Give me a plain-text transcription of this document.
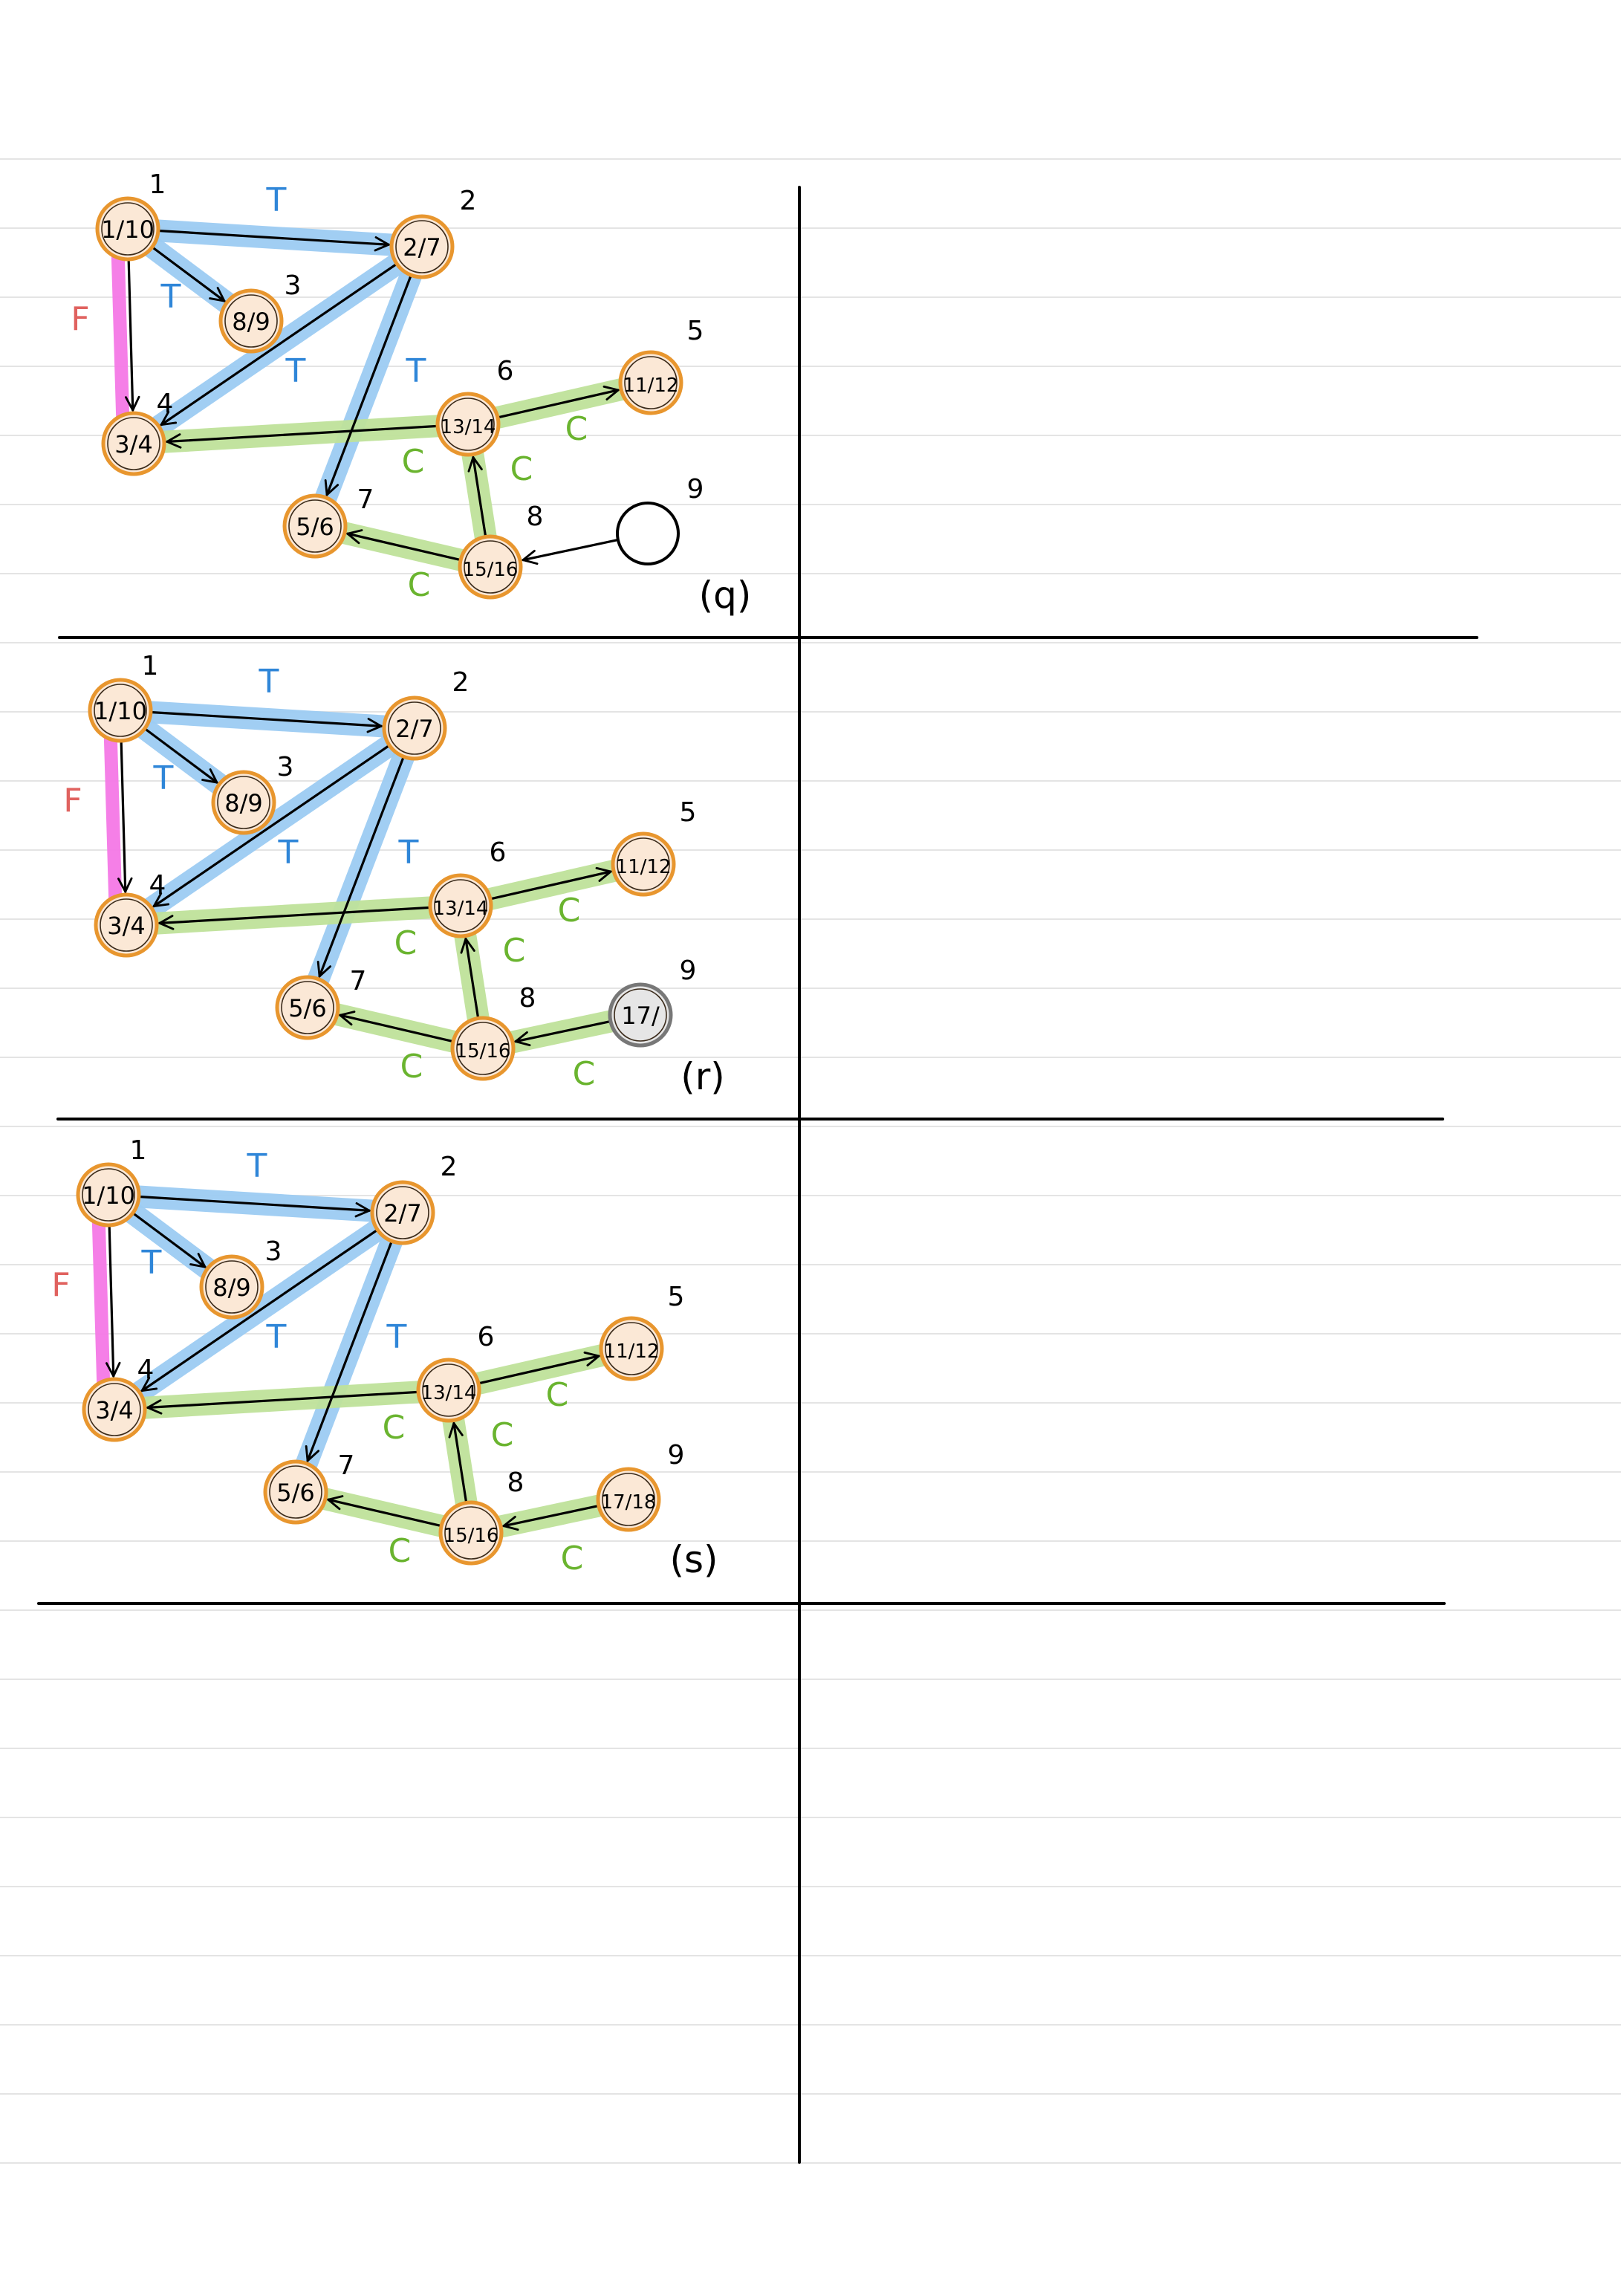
T
T
F
T	T
C
C
C
C
1/10
1
2/7
2
8/9
3
3/4
4
11/12
5
13/14
6
5/6
7
15/16
8
9
(q)
T
T
F
T	T
C
C
C
C	C
1/10
1
2/7
2
8/9
3
3/4
4
11/12
5
13/14
6
5/6
7
15/16
8
17/
9
(r)
T
T
F
T	T
C
C
C
C	C
1/10
1
2/7
2
8/9
3
3/4
4
11/12
5
13/14
6
5/6
7
15/16
8
17/18
9
(s)
